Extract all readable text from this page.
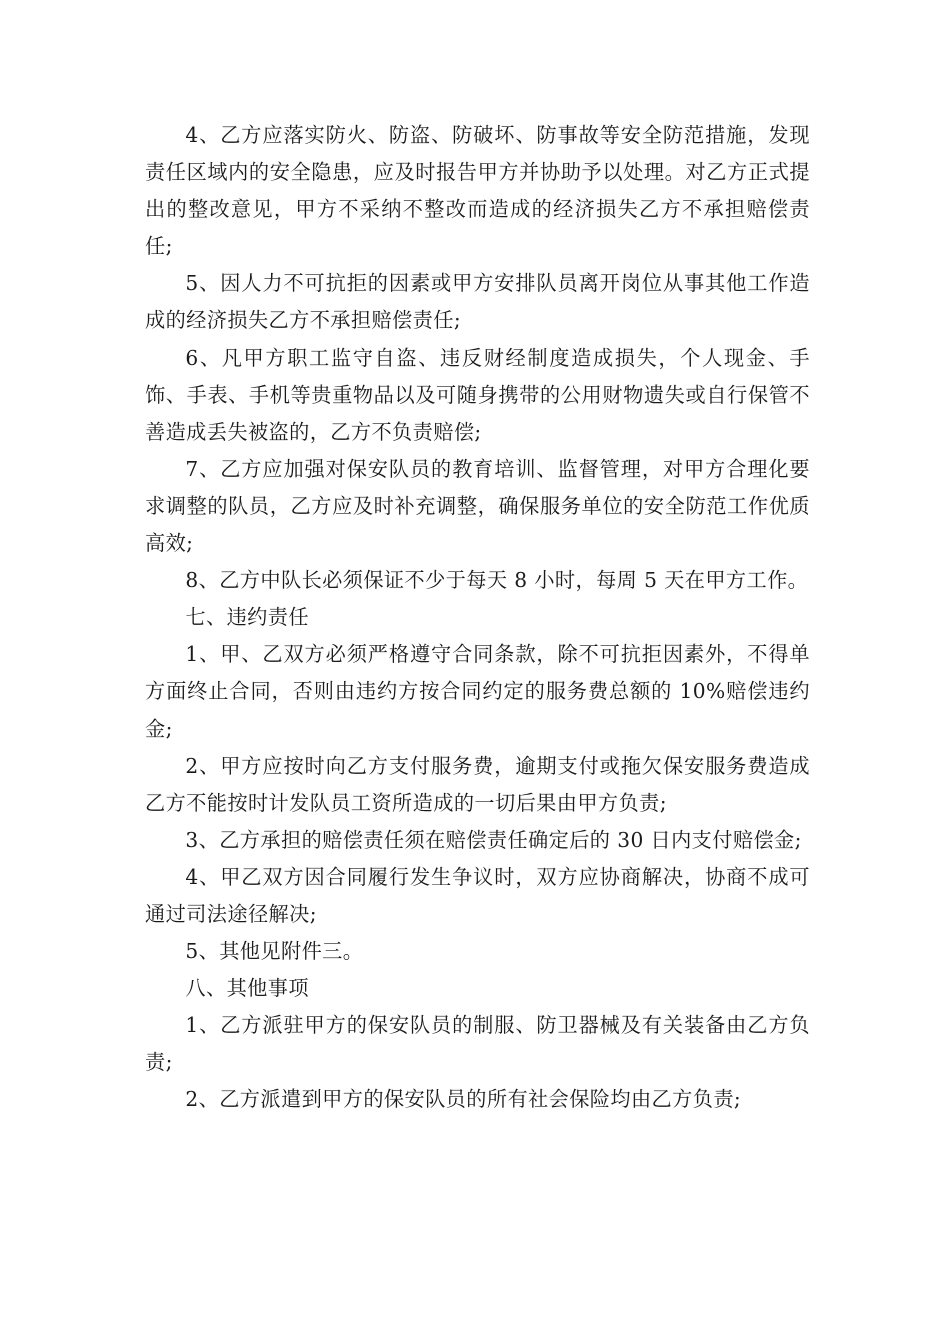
4、乙方应落实防火、防盗、防破坏、防事故等安全防范措施，发现责任区域内的安全隐患，应及时报告甲方并协助予以处理。对乙方正式提出的整改意见，甲方不采纳不整改而造成的经济损失乙方不承担赔偿责任;

5、因人力不可抗拒的因素或甲方安排队员离开岗位从事其他工作造成的经济损失乙方不承担赔偿责任;

6、凡甲方职工监守自盗、违反财经制度造成损失，个人现金、手饰、手表、手机等贵重物品以及可随身携带的公用财物遗失或自行保管不善造成丢失被盗的，乙方不负责赔偿;

7、乙方应加强对保安队员的教育培训、监督管理，对甲方合理化要求调整的队员，乙方应及时补充调整，确保服务单位的安全防范工作优质高效;

8、乙方中队长必须保证不少于每天 8 小时，每周 5 天在甲方工作。

七、违约责任

1、甲、乙双方必须严格遵守合同条款，除不可抗拒因素外，不得单方面终止合同，否则由违约方按合同约定的服务费总额的 10%赔偿违约金;

2、甲方应按时向乙方支付服务费，逾期支付或拖欠保安服务费造成乙方不能按时计发队员工资所造成的一切后果由甲方负责;

3、乙方承担的赔偿责任须在赔偿责任确定后的 30 日内支付赔偿金;

4、甲乙双方因合同履行发生争议时，双方应协商解决，协商不成可通过司法途径解决;

5、其他见附件三。

八、其他事项

1、乙方派驻甲方的保安队员的制服、防卫器械及有关装备由乙方负责;

2、乙方派遣到甲方的保安队员的所有社会保险均由乙方负责;
